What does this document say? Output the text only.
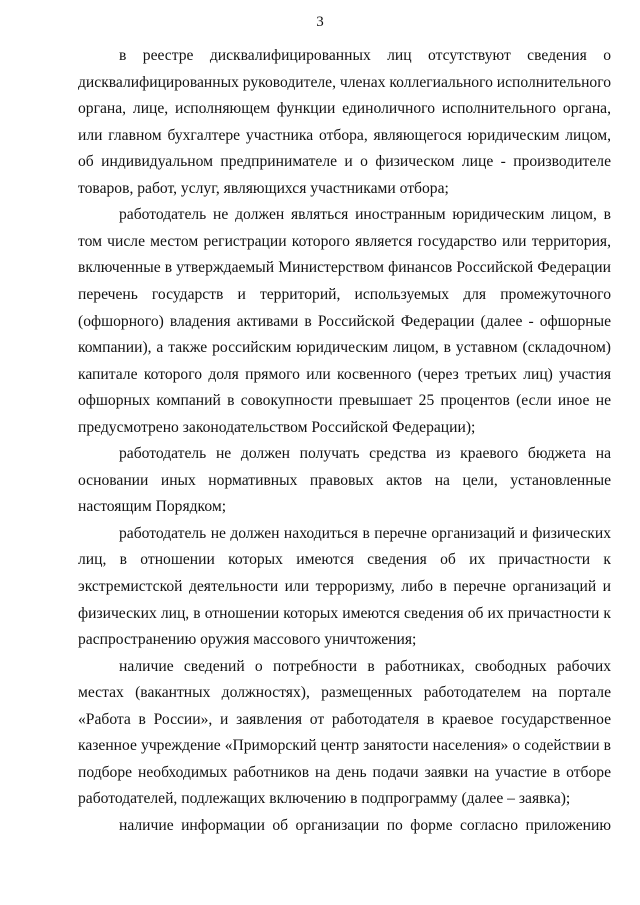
3
в реестре дисквалифицированных лиц отсутствуют сведения о
дисквалифицированных руководителе, членах коллегиального исполнительного
органа, лице, исполняющем функции единоличного исполнительного органа,
или главном бухгалтере участника отбора, являющегося юридическим лицом,
об индивидуальном предпринимателе и о физическом лице - производителе
товаров, работ, услуг, являющихся участниками отбора;
работодатель не должен являться иностранным юридическим лицом, в
том числе местом регистрации которого является государство или территория,
включенные в утверждаемый Министерством финансов Российской Федерации
перечень государств и территорий, используемых для промежуточного
(офшорного) владения активами в Российской Федерации (далее - офшорные
компании), а также российским юридическим лицом, в уставном (складочном)
капитале которого доля прямого или косвенного (через третьих лиц) участия
офшорных компаний в совокупности превышает 25 процентов (если иное не
предусмотрено законодательством Российской Федерации);
работодатель не должен получать средства из краевого бюджета на
основании иных нормативных правовых актов на цели, установленные
настоящим Порядком;
работодатель не должен находиться в перечне организаций и физических
лиц, в отношении которых имеются сведения об их причастности к
экстремистской деятельности или терроризму, либо в перечне организаций и
физических лиц, в отношении которых имеются сведения об их причастности к
распространению оружия массового уничтожения;
наличие сведений о потребности в работниках, свободных рабочих
местах (вакантных должностях), размещенных работодателем на портале
«Работа в России», и заявления от работодателя в краевое государственное
казенное учреждение «Приморский центр занятости населения» о содействии в
подборе необходимых работников на день подачи заявки на участие в отборе
работодателей, подлежащих включению в подпрограмму (далее – заявка);
наличие информации об организации по форме согласно приложению
